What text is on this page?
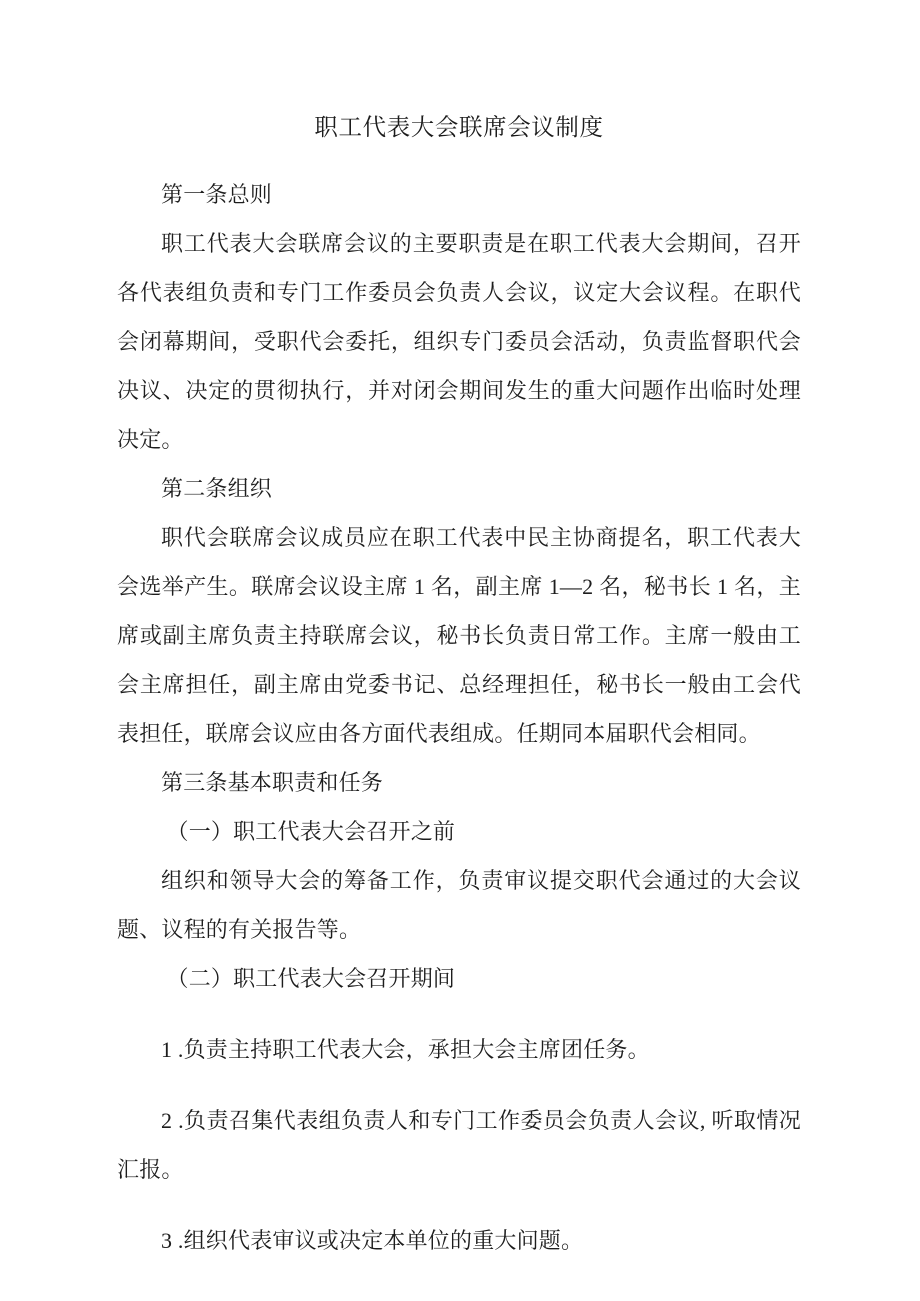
职工代表大会联席会议制度

第一条总则

职工代表大会联席会议的主要职责是在职工代表大会期间，召开各代表组负责和专门工作委员会负责人会议，议定大会议程。在职代会闭幕期间，受职代会委托，组织专门委员会活动，负责监督职代会决议、决定的贯彻执行，并对闭会期间发生的重大问题作出临时处理决定。

第二条组织

职代会联席会议成员应在职工代表中民主协商提名，职工代表大会选举产生。联席会议设主席 1 名，副主席 1—2 名，秘书长 1 名，主席或副主席负责主持联席会议，秘书长负责日常工作。主席一般由工会主席担任，副主席由党委书记、总经理担任，秘书长一般由工会代表担任，联席会议应由各方面代表组成。任期同本届职代会相同。

第三条基本职责和任务

（一）职工代表大会召开之前

组织和领导大会的筹备工作，负责审议提交职代会通过的大会议题、议程的有关报告等。

（二）职工代表大会召开期间

1 .负责主持职工代表大会，承担大会主席团任务。

2 .负责召集代表组负责人和专门工作委员会负责人会议, 听取情况汇报。

3 .组织代表审议或决定本单位的重大问题。
